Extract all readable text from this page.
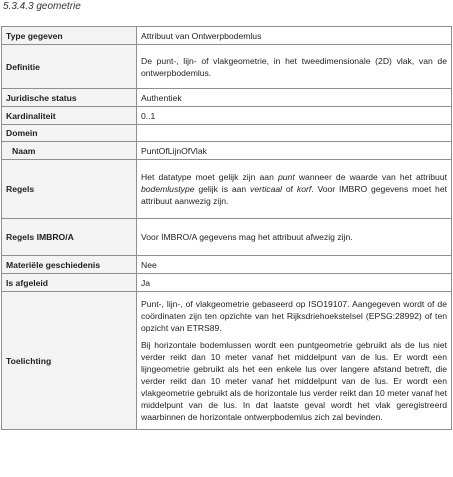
5.3.4.3 geometrie
Type gegeven	Attribuut van Ontwerpbodemlus
Definitie	De punt-, lijn- of vlakgeometrie, in het tweedimensionale (2D) vlak, van de ontwerpbodemlus.

Juridische status	Authentiek
Kardinaliteit	0..1
Domein	
Naam	PuntOfLijnOfVlak
Regels	Het datatype moet gelijk zijn aan punt wanneer de waarde van het attribuut bodemlustype gelijk is aan verticaal of korf. Voor IMBRO gegevens moet het attribuut aanwezig zijn.

Regels IMBRO/A	Voor IMBRO/A gegevens mag het attribuut afwezig zijn.
Materiële geschiedenis	Nee
Is afgeleid	Ja
Toelichting	Punt-, lijn-, of vlakgeometrie gebaseerd op ISO19107. Aangegeven wordt of de coördinaten zijn ten opzichte van het Rijksdriehoekstelsel (EPSG:28992) of ten opzicht van ETRS89.

Bij horizontale bodemlussen wordt een puntgeometrie gebruikt als de lus niet verder reikt dan 10 meter vanaf het middelpunt van de lus. Er wordt een lijngeometrie gebruikt als het een enkele lus over langere afstand betreft, die verder reikt dan 10 meter vanaf het middelpunt van de lus. Er wordt een vlakgeometrie gebruikt als de horizontale lus verder reikt dan 10 meter vanaf het middelpunt van de lus. In dat laatste geval wordt het vlak geregistreerd waarbinnen de horizontale ontwerpbodemlus zich zal bevinden.
